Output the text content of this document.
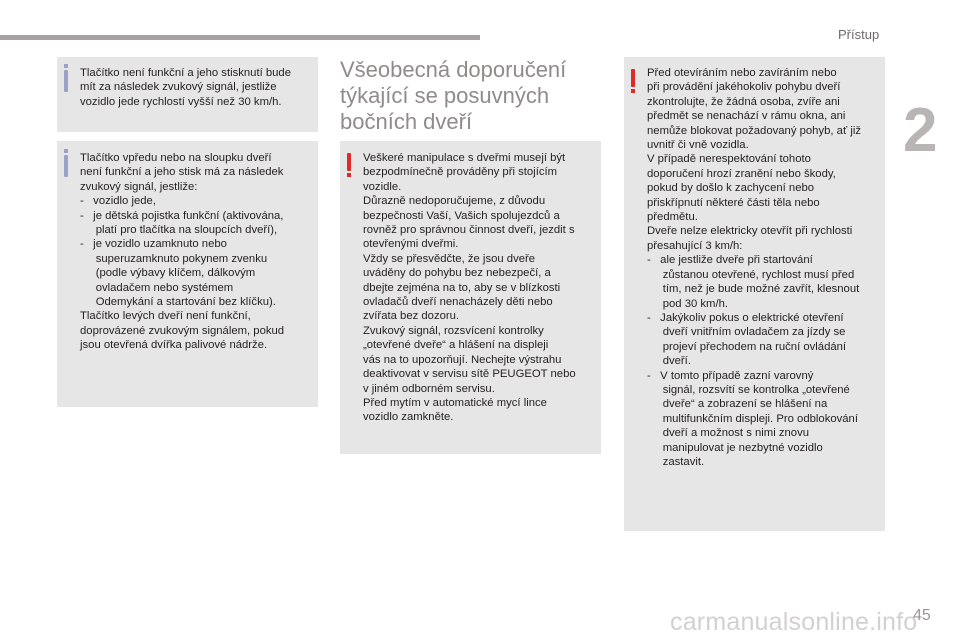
Přístup
2
Tlačítko není funkční a jeho stisknutí bude
mít za následek zvukový signál, jestliže
vozidlo jede rychlostí vyšší než 30 km/h.
Tlačítko vpředu nebo na sloupku dveří
není funkční a jeho stisk má za následek
zvukový signál, jestliže:
-   vozidlo jede,
-   je dětská pojistka funkční (aktivována,
platí pro tlačítka na sloupcích dveří),
-   je vozidlo uzamknuto nebo
superuzamknuto pokynem zvenku
(podle výbavy klíčem, dálkovým
ovladačem nebo systémem
Odemykání a startování bez klíčku).
Tlačítko levých dveří není funkční,
doprovázené zvukovým signálem, pokud
jsou otevřená dvířka palivové nádrže.
Všeobecná doporučení
týkající se posuvných
bočních dveří
Veškeré manipulace s dveřmi musejí být
bezpodmínečně prováděny při stojícím
vozidle.
Důrazně nedoporučujeme, z důvodu
bezpečnosti Vaší, Vašich spolujezdců a
rovněž pro správnou činnost dveří, jezdit s
otevřenými dveřmi.
Vždy se přesvědčte, že jsou dveře
uváděny do pohybu bez nebezpečí, a
dbejte zejména na to, aby se v blízkosti
ovladačů dveří nenacházely děti nebo
zvířata bez dozoru.
Zvukový signál, rozsvícení kontrolky
„otevřené dveře“ a hlášení na displeji
vás na to upozorňují. Nechejte výstrahu
deaktivovat v servisu sítě PEUGEOT nebo
v jiném odborném servisu.
Před mytím v automatické mycí lince
vozidlo zamkněte.
Před otevíráním nebo zavíráním nebo
při provádění jakéhokoliv pohybu dveří
zkontrolujte, že žádná osoba, zvíře ani
předmět se nenachází v rámu okna, ani
nemůže blokovat požadovaný pohyb, ať již
uvnitř či vně vozidla.
V případě nerespektování tohoto
doporučení hrozí zranění nebo škody,
pokud by došlo k zachycení nebo
přiskřípnutí některé části těla nebo
předmětu.
Dveře nelze elektricky otevřít při rychlosti
přesahující 3 km/h:
-   ale jestliže dveře při startování
zůstanou otevřené, rychlost musí před
tím, než je bude možné zavřít, klesnout
pod 30 km/h.
-   Jakýkoliv pokus o elektrické otevření
dveří vnitřním ovladačem za jízdy se
projeví přechodem na ruční ovládání
dveří.
-   V tomto případě zazní varovný
signál, rozsvítí se kontrolka „otevřené
dveře“ a zobrazení se hlášení na
multifunkčním displeji. Pro odblokování
dveří a možnost s nimi znovu
manipulovat je nezbytné vozidlo
zastavit.
carmanualsonline.info
45
